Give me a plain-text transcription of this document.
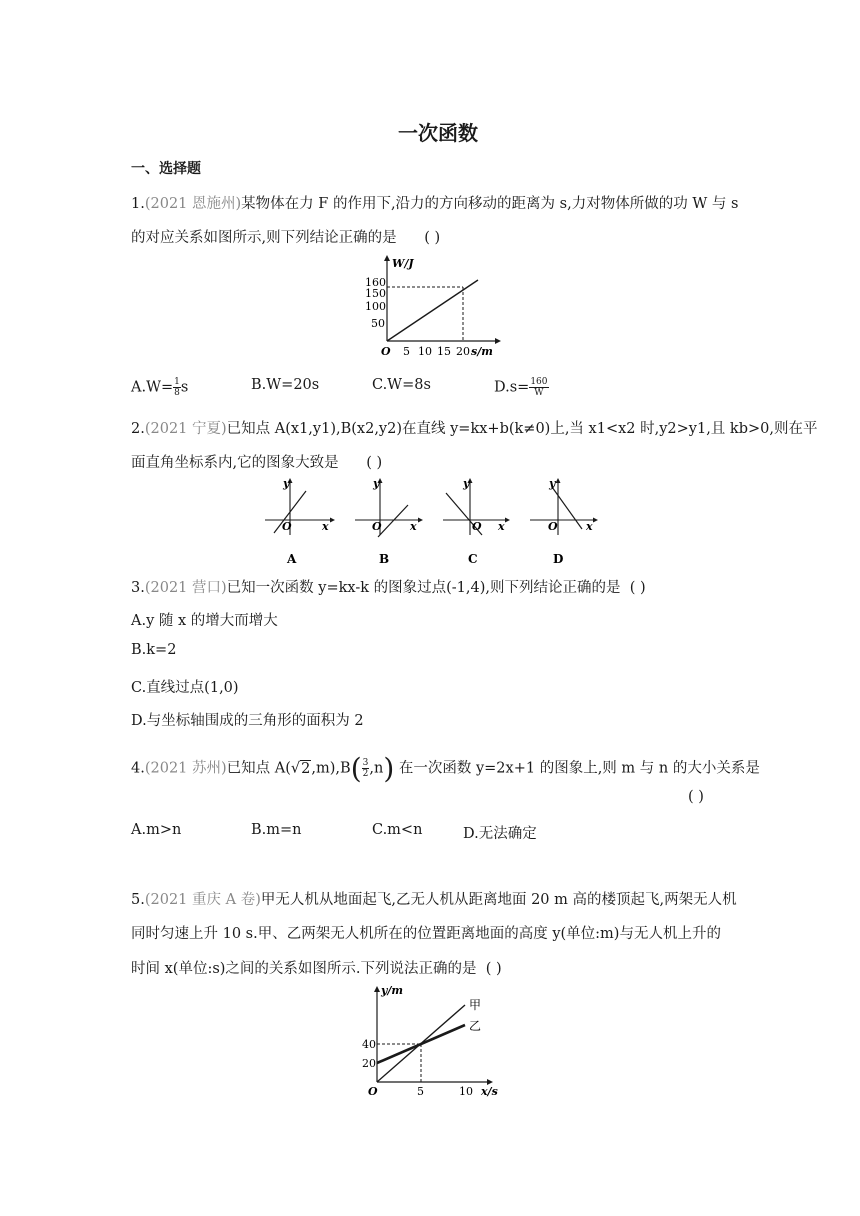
一次函数
一、选择题
1.(2021 恩施州)某物体在力 F 的作用下,沿力的方向移动的距离为 s,力对物体所做的功 W 与 s
的对应关系如图所示,则下列结论正确的是 ( )
W/J
160
150
100
50
O 5 10 15 20 s/m
$A.W= \frac{1}{8}$ s	B.W=20s	C.W=8s	$D.s= \frac{160}{W}$
2.(2021 宁夏)已知点 A(x1,y1),B(x2,y2)在直线 y=kx+b(k≠0)上,当 x1<x2 时,y2>y1,且 kb>0,则在平
面直角坐标系内,它的图象大致是 ( )
y
x
O
A
y
x
O
B
y
x
O
C
y
x
O
D
3.(2021 营口)已知一次函数 y=kx-k 的图象过点(-1,4),则下列结论正确的是 ( )
A.y 随 x 的增大而增大
B.k=2
C.直线过点(1,0)
D.与坐标轴围成的三角形的面积为 2
4.(2021 苏州)已知点 $A(√2,m),B( \frac{3}{2} ,n)$ 在一次函数 y=2x+1 的图象上,则 m 与 n 的大小关系是
( )
A.m>n	B.m=n	C.m<n	D.无法确定
5.(2021 重庆 A 卷)甲无人机从地面起飞,乙无人机从距离地面 20 m 高的楼顶起飞,两架无人机
同时匀速上升 10 s.甲、乙两架无人机所在的位置距离地面的高度 y(单位:m)与无人机上升的
时间 x(单位:s)之间的关系如图所示.下列说法正确的是 ( )
y/m
40
20
O	5	10 x/s
甲
乙
